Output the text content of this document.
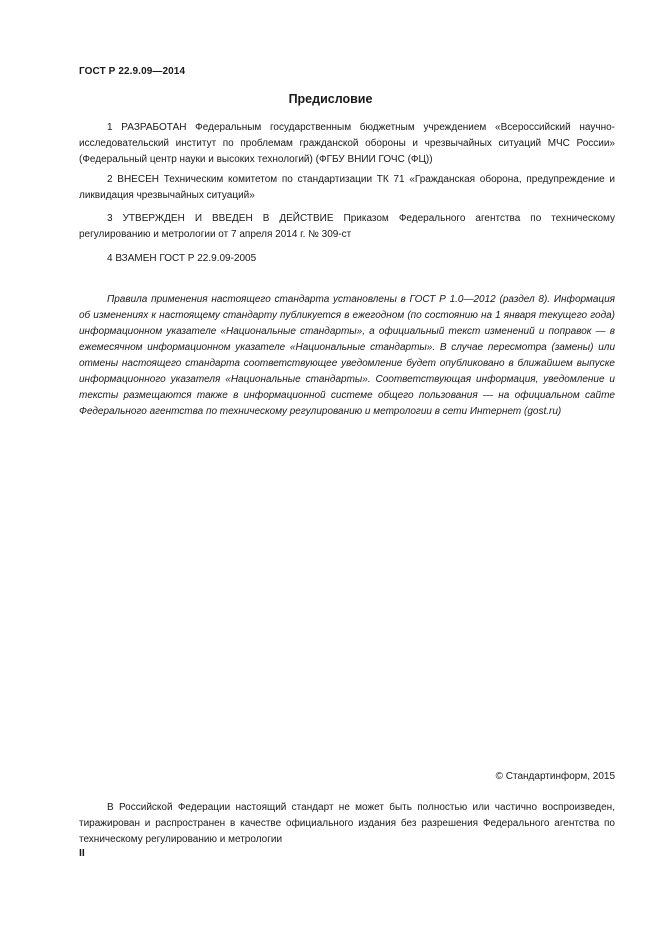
ГОСТ Р 22.9.09—2014
Предисловие

1 РАЗРАБОТАН Федеральным государственным бюджетным учреждением «Всероссийский научно-исследовательский институт по проблемам гражданской обороны и чрезвычайных ситуаций МЧС России» (Федеральный центр науки и высоких технологий) (ФГБУ ВНИИ ГОЧС (ФЦ))

2 ВНЕСЕН Техническим комитетом по стандартизации ТК 71 «Гражданская оборона, предупреждение и ликвидация чрезвычайных ситуаций»

3 УТВЕРЖДЕН И ВВЕДЕН В ДЕЙСТВИЕ Приказом Федерального агентства по техническому регулированию и метрологии от 7 апреля 2014 г. № 309-ст

4 ВЗАМЕН ГОСТ Р 22.9.09-2005

Правила применения настоящего стандарта установлены в ГОСТ Р 1.0—2012 (раздел 8). Информация об изменениях к настоящему стандарту публикуется в ежегодном (по состоянию на 1 января текущего года) информационном указателе «Национальные стандарты», а официальный текст изменений и поправок — в ежемесячном информационном указателе «Национальные стандарты». В случае пересмотра (замены) или отмены настоящего стандарта соответствующее уведомление будет опубликовано в ближайшем выпуске информационного указателя «Национальные стандарты». Соответствующая информация, уведомление и тексты размещаются также в информационной системе общего пользования — на официальном сайте Федерального агентства по техническому регулированию и метрологии в сети Интернет (gost.ru)

© Стандартинформ, 2015

В Российской Федерации настоящий стандарт не может быть полностью или частично воспроизведен, тиражирован и распространен в качестве официального издания без разрешения Федерального агентства по техническому регулированию и метрологии

II
